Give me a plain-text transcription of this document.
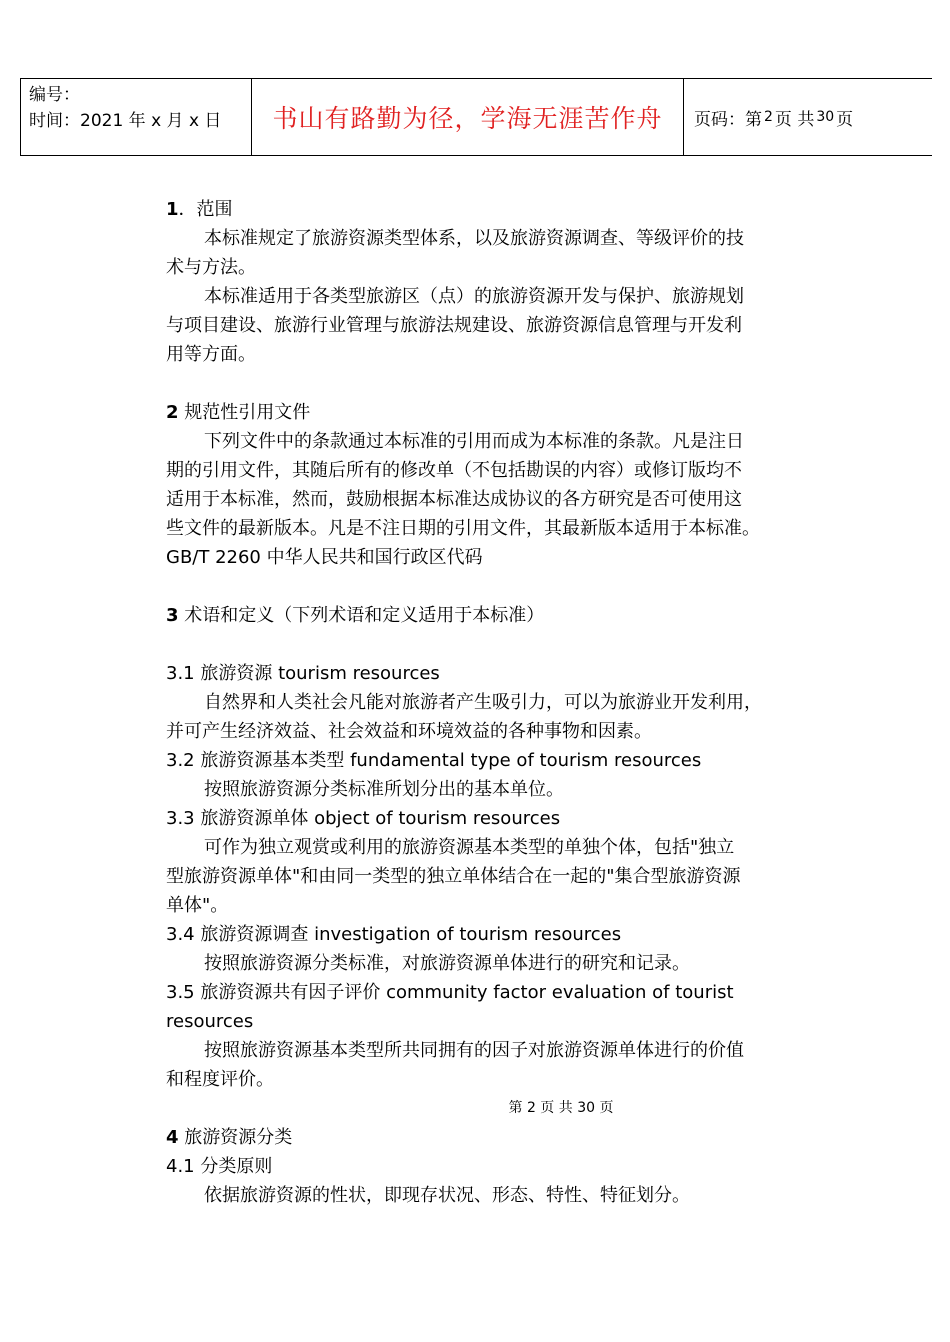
编号：
时间：2021 年 x 月 x 日	书山有路勤为径，学海无涯苦作舟 页码：第 2 页 共 30 页
1．范围
本标准规定了旅游资源类型体系，以及旅游资源调查、等级评价的技
术与方法。
本标准适用于各类型旅游区（点）的旅游资源开发与保护、旅游规划
与项目建设、旅游行业管理与旅游法规建设、旅游资源信息管理与开发利
用等方面。
2 规范性引用文件
下列文件中的条款通过本标准的引用而成为本标准的条款。凡是注日
期的引用文件，其随后所有的修改单（不包括勘误的内容）或修订版均不
适用于本标准，然而，鼓励根据本标准达成协议的各方研究是否可使用这
些文件的最新版本。凡是不注日期的引用文件，其最新版本适用于本标准。
GB/T 2260 中华人民共和国行政区代码
3 术语和定义（下列术语和定义适用于本标准）
3.1 旅游资源 tourism resources
自然界和人类社会凡能对旅游者产生吸引力，可以为旅游业开发利用，
并可产生经济效益、社会效益和环境效益的各种事物和因素。
3.2 旅游资源基本类型 fundamental type of tourism resources
按照旅游资源分类标准所划分出的基本单位。
3.3 旅游资源单体 object of tourism resources
可作为独立观赏或利用的旅游资源基本类型的单独个体，包括"独立
型旅游资源单体"和由同一类型的独立单体结合在一起的"集合型旅游资源
单体"。
3.4 旅游资源调查 investigation of tourism resources
按照旅游资源分类标准，对旅游资源单体进行的研究和记录。
3.5 旅游资源共有因子评价 community factor evaluation of tourist
resources
按照旅游资源基本类型所共同拥有的因子对旅游资源单体进行的价值
和程度评价。
第 2 页 共 30 页
4 旅游资源分类
4.1 分类原则
依据旅游资源的性状，即现存状况、形态、特性、特征划分。
